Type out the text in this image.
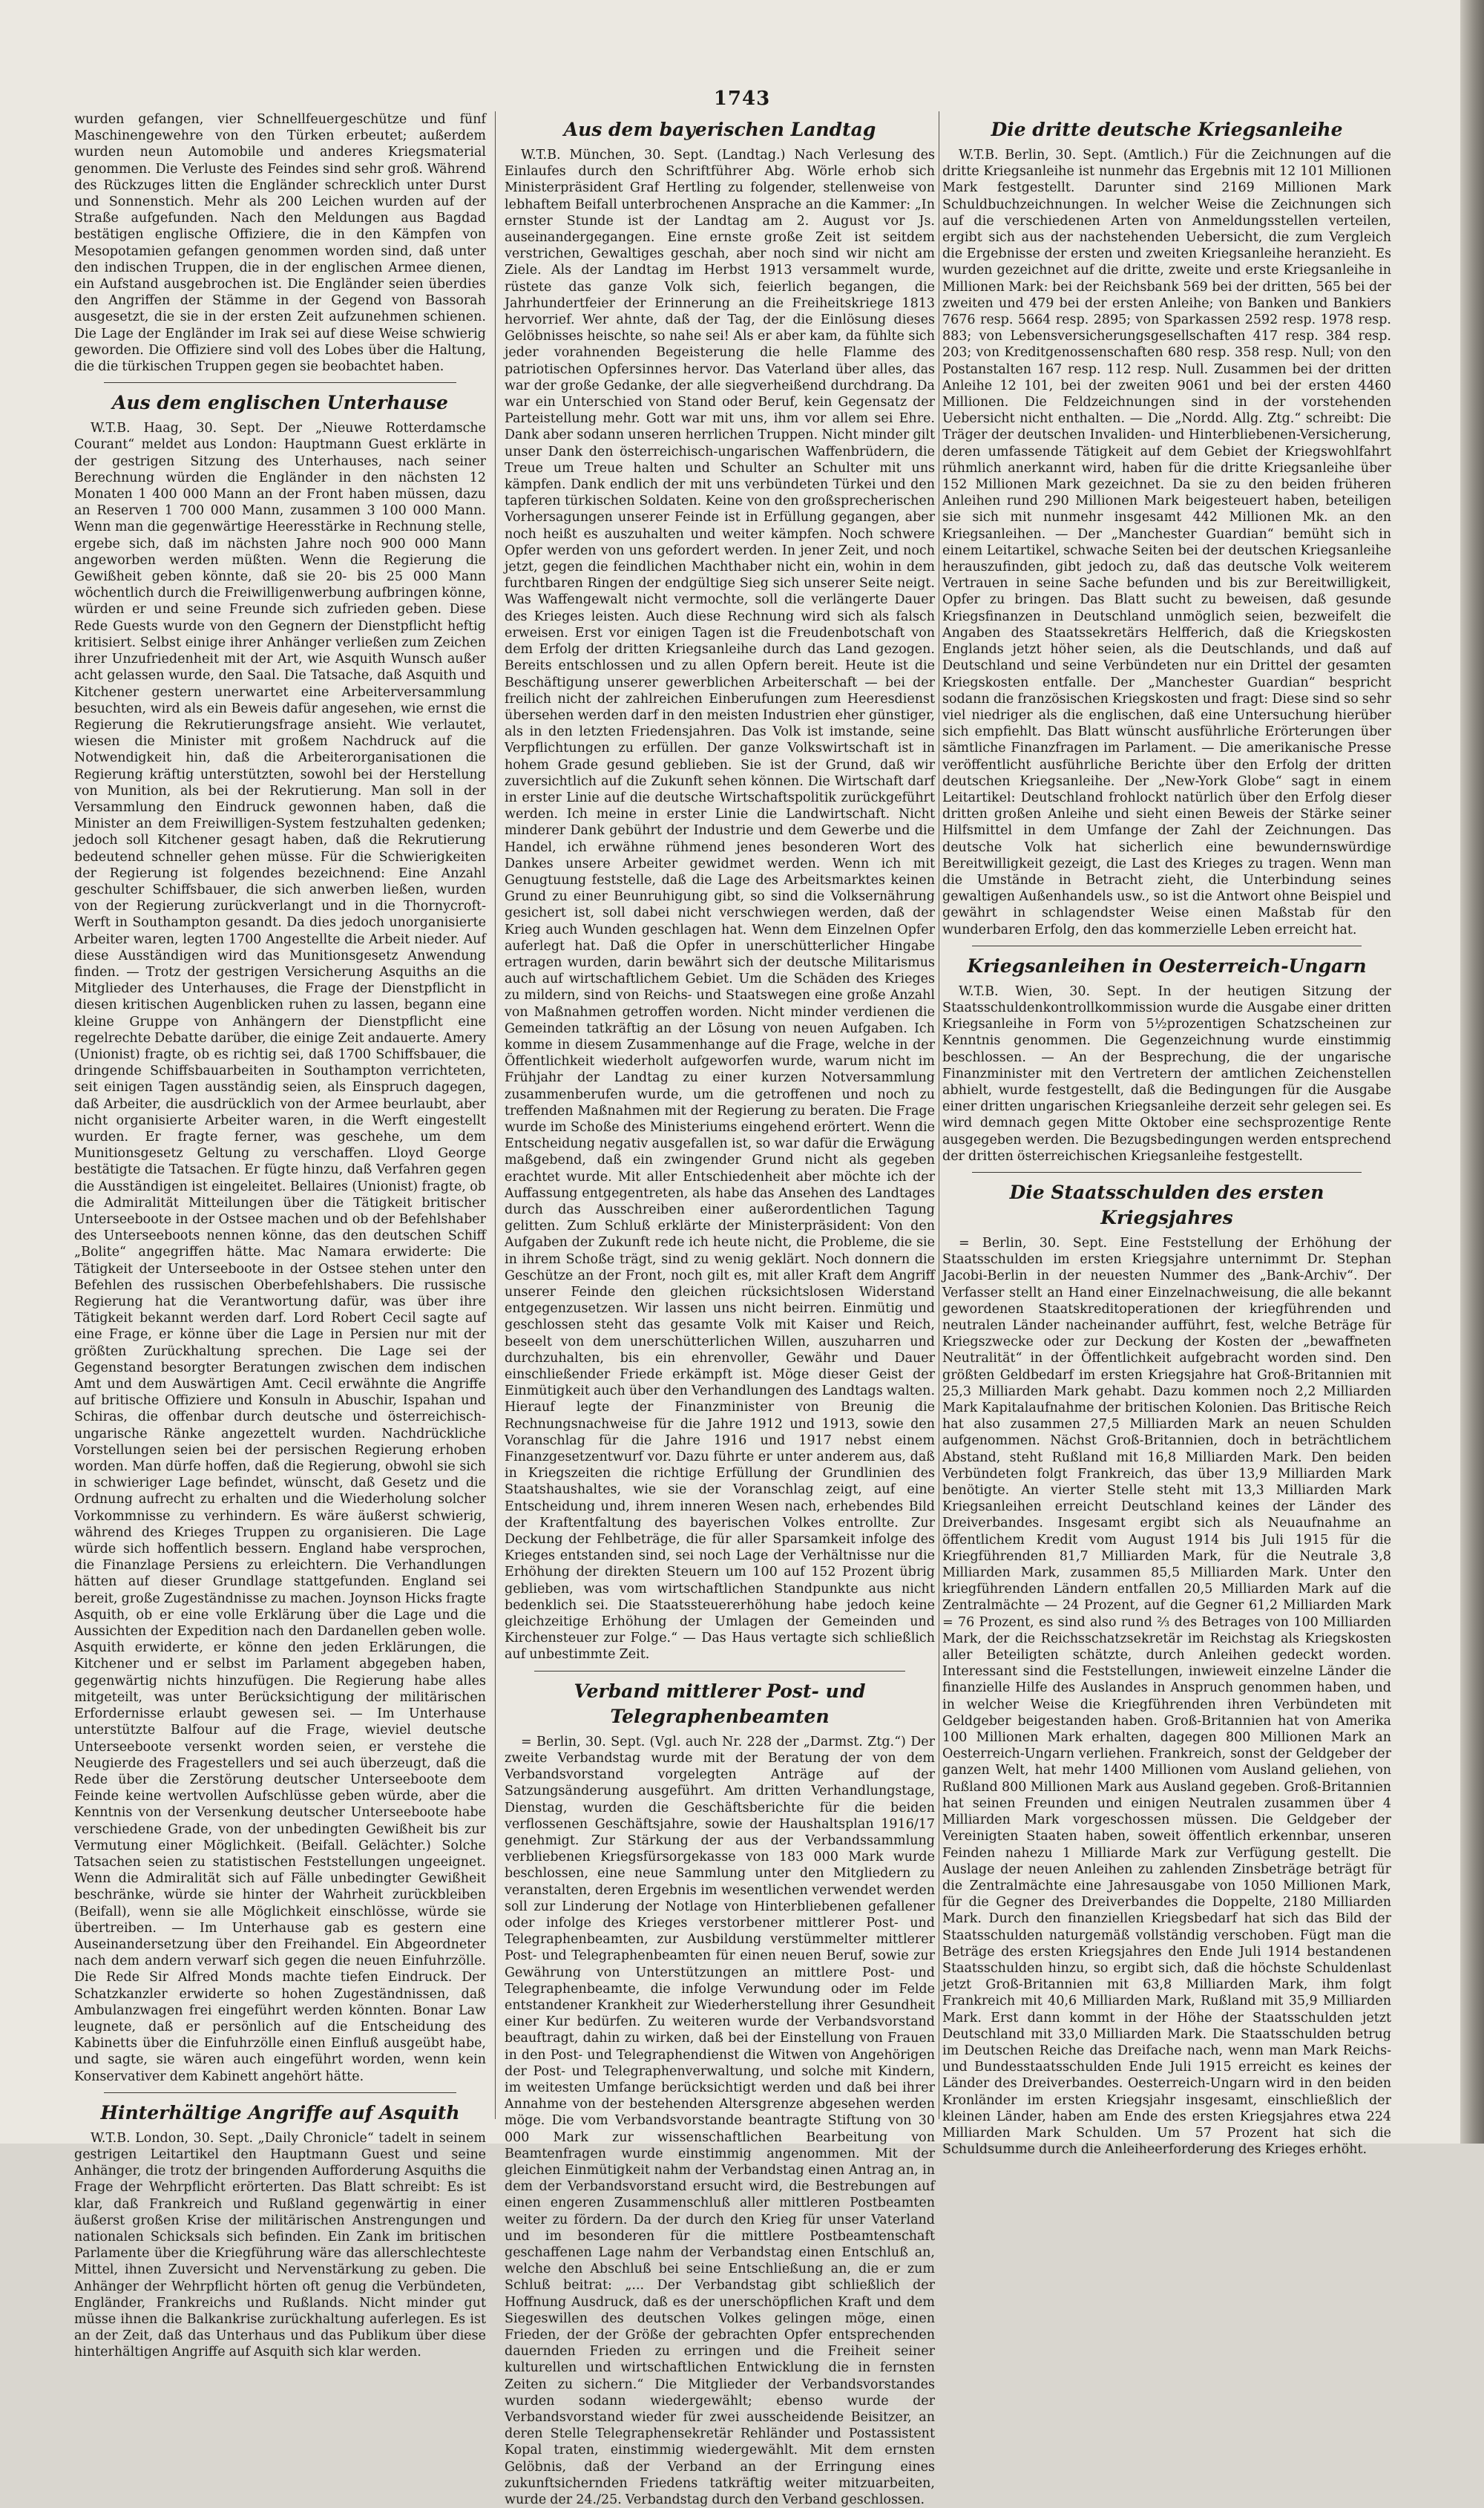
1743

wurden gefangen, vier Schnellfeuergeschütze und fünf Maschinengewehre von den Türken erbeutet; außerdem wurden neun Automobile und anderes Kriegsmaterial genommen. Die Verluste des Feindes sind sehr groß. Während des Rückzuges litten die Engländer schrecklich unter Durst und Sonnenstich. Mehr als 200 Leichen wurden auf der Straße aufgefunden. Nach den Meldungen aus Bagdad bestätigen englische Offiziere, die in den Kämpfen von Mesopotamien gefangen genommen worden sind, daß unter den indischen Truppen, die in der englischen Armee dienen, ein Aufstand ausgebrochen ist. Die Engländer seien überdies den Angriffen der Stämme in der Gegend von Bassorah ausgesetzt, die sie in der ersten Zeit aufzunehmen schienen. Die Lage der Engländer im Irak sei auf diese Weise schwierig geworden. Die Offiziere sind voll des Lobes über die Haltung, die die türkischen Truppen gegen sie beobachtet haben.

Aus dem englischen Unterhause

W.T.B. Haag, 30. Sept. Der „Nieuwe Rotterdamsche Courant“ meldet aus London: Hauptmann Guest erklärte in der gestrigen Sitzung des Unterhauses, nach seiner Berechnung würden die Engländer in den nächsten 12 Monaten 1 400 000 Mann an der Front haben müssen, dazu an Reserven 1 700 000 Mann, zusammen 3 100 000 Mann. Wenn man die gegenwärtige Heeresstärke in Rechnung stelle, ergebe sich, daß im nächsten Jahre noch 900 000 Mann angeworben werden müßten. Wenn die Regierung die Gewißheit geben könnte, daß sie 20- bis 25 000 Mann wöchentlich durch die Freiwilligenwerbung aufbringen könne, würden er und seine Freunde sich zufrieden geben. Diese Rede Guests wurde von den Gegnern der Dienstpflicht heftig kritisiert. Selbst einige ihrer Anhänger verließen zum Zeichen ihrer Unzufriedenheit mit der Art, wie Asquith Wunsch außer acht gelassen wurde, den Saal. Die Tatsache, daß Asquith und Kitchener gestern unerwartet eine Arbeiterversammlung besuchten, wird als ein Beweis dafür angesehen, wie ernst die Regierung die Rekrutierungsfrage ansieht. Wie verlautet, wiesen die Minister mit großem Nachdruck auf die Notwendigkeit hin, daß die Arbeiterorganisationen die Regierung kräftig unterstützten, sowohl bei der Herstellung von Munition, als bei der Rekrutierung. Man soll in der Versammlung den Eindruck gewonnen haben, daß die Minister an dem Freiwilligen-System festzuhalten gedenken; jedoch soll Kitchener gesagt haben, daß die Rekrutierung bedeutend schneller gehen müsse. Für die Schwierigkeiten der Regierung ist folgendes bezeichnend: Eine Anzahl geschulter Schiffsbauer, die sich anwerben ließen, wurden von der Regierung zurückverlangt und in die Thornycroft-Werft in Southampton gesandt. Da dies jedoch unorganisierte Arbeiter waren, legten 1700 Angestellte die Arbeit nieder. Auf diese Ausständigen wird das Munitionsgesetz Anwendung finden. — Trotz der gestrigen Versicherung Asquiths an die Mitglieder des Unterhauses, die Frage der Dienstpflicht in diesen kritischen Augenblicken ruhen zu lassen, begann eine kleine Gruppe von Anhängern der Dienstpflicht eine regelrechte Debatte darüber, die einige Zeit andauerte. Amery (Unionist) fragte, ob es richtig sei, daß 1700 Schiffsbauer, die dringende Schiffsbauarbeiten in Southampton verrichteten, seit einigen Tagen ausständig seien, als Einspruch dagegen, daß Arbeiter, die ausdrücklich von der Armee beurlaubt, aber nicht organisierte Arbeiter waren, in die Werft eingestellt wurden. Er fragte ferner, was geschehe, um dem Munitionsgesetz Geltung zu verschaffen. Lloyd George bestätigte die Tatsachen. Er fügte hinzu, daß Verfahren gegen die Ausständigen ist eingeleitet. Bellaires (Unionist) fragte, ob die Admiralität Mitteilungen über die Tätigkeit britischer Unterseeboote in der Ostsee machen und ob der Befehlshaber des Unterseeboots nennen könne, das den deutschen Schiff „Bolite“ angegriffen hätte. Mac Namara erwiderte: Die Tätigkeit der Unterseeboote in der Ostsee stehen unter den Befehlen des russischen Oberbefehlshabers. Die russische Regierung hat die Verantwortung dafür, was über ihre Tätigkeit bekannt werden darf. Lord Robert Cecil sagte auf eine Frage, er könne über die Lage in Persien nur mit der größten Zurückhaltung sprechen. Die Lage sei der Gegenstand besorgter Beratungen zwischen dem indischen Amt und dem Auswärtigen Amt. Cecil erwähnte die Angriffe auf britische Offiziere und Konsuln in Abuschir, Ispahan und Schiras, die offenbar durch deutsche und österreichisch-ungarische Ränke angezettelt wurden. Nachdrückliche Vorstellungen seien bei der persischen Regierung erhoben worden. Man dürfe hoffen, daß die Regierung, obwohl sie sich in schwieriger Lage befindet, wünscht, daß Gesetz und die Ordnung aufrecht zu erhalten und die Wiederholung solcher Vorkommnisse zu verhindern. Es wäre äußerst schwierig, während des Krieges Truppen zu organisieren. Die Lage würde sich hoffentlich bessern. England habe versprochen, die Finanzlage Persiens zu erleichtern. Die Verhandlungen hätten auf dieser Grundlage stattgefunden. England sei bereit, große Zugeständnisse zu machen. Joynson Hicks fragte Asquith, ob er eine volle Erklärung über die Lage und die Aussichten der Expedition nach den Dardanellen geben wolle. Asquith erwiderte, er könne den jeden Erklärungen, die Kitchener und er selbst im Parlament abgegeben haben, gegenwärtig nichts hinzufügen. Die Regierung habe alles mitgeteilt, was unter Berücksichtigung der militärischen Erfordernisse erlaubt gewesen sei. — Im Unterhause unterstützte Balfour auf die Frage, wieviel deutsche Unterseeboote versenkt worden seien, er verstehe die Neugierde des Fragestellers und sei auch überzeugt, daß die Rede über die Zerstörung deutscher Unterseeboote dem Feinde keine wertvollen Aufschlüsse geben würde, aber die Kenntnis von der Versenkung deutscher Unterseeboote habe verschiedene Grade, von der unbedingten Gewißheit bis zur Vermutung einer Möglichkeit. (Beifall. Gelächter.) Solche Tatsachen seien zu statistischen Feststellungen ungeeignet. Wenn die Admiralität sich auf Fälle unbedingter Gewißheit beschränke, würde sie hinter der Wahrheit zurückbleiben (Beifall), wenn sie alle Möglichkeit einschlösse, würde sie übertreiben. — Im Unterhause gab es gestern eine Auseinandersetzung über den Freihandel. Ein Abgeordneter nach dem andern verwarf sich gegen die neuen Einfuhrzölle. Die Rede Sir Alfred Monds machte tiefen Eindruck. Der Schatzkanzler erwiderte so hohen Zugeständnissen, daß Ambulanzwagen frei eingeführt werden könnten. Bonar Law leugnete, daß er persönlich auf die Entscheidung des Kabinetts über die Einfuhrzölle einen Einfluß ausgeübt habe, und sagte, sie wären auch eingeführt worden, wenn kein Konservativer dem Kabinett angehört hätte.

Hinterhältige Angriffe auf Asquith

W.T.B. London, 30. Sept. „Daily Chronicle“ tadelt in seinem gestrigen Leitartikel den Hauptmann Guest und seine Anhänger, die trotz der bringenden Aufforderung Asquiths die Frage der Wehrpflicht erörterten. Das Blatt schreibt: Es ist klar, daß Frankreich und Rußland gegenwärtig in einer äußerst großen Krise der militärischen Anstrengungen und nationalen Schicksals sich befinden. Ein Zank im britischen Parlamente über die Kriegführung wäre das allerschlechteste Mittel, ihnen Zuversicht und Nervenstärkung zu geben. Die Anhänger der Wehrpflicht hörten oft genug die Verbündeten, Engländer, Frankreichs und Rußlands. Nicht minder gut müsse ihnen die Balkankrise zurückhaltung auferlegen. Es ist an der Zeit, daß das Unterhaus und das Publikum über diese hinterhältigen Angriffe auf Asquith sich klar werden.

Aus dem bayerischen Landtag

W.T.B. München, 30. Sept. (Landtag.) Nach Verlesung des Einlaufes durch den Schriftführer Abg. Wörle erhob sich Ministerpräsident Graf Hertling zu folgender, stellenweise von lebhaftem Beifall unterbrochenen Ansprache an die Kammer: „In ernster Stunde ist der Landtag am 2. August vor Js. auseinandergegangen. Eine ernste große Zeit ist seitdem verstrichen, Gewaltiges geschah, aber noch sind wir nicht am Ziele. Als der Landtag im Herbst 1913 versammelt wurde, rüstete das ganze Volk sich, feierlich begangen, die Jahrhundertfeier der Erinnerung an die Freiheitskriege 1813 hervorrief. Wer ahnte, daß der Tag, der die Einlösung dieses Gelöbnisses heischte, so nahe sei! Als er aber kam, da fühlte sich jeder vorahnenden Begeisterung die helle Flamme des patriotischen Opfersinnes hervor. Das Vaterland über alles, das war der große Gedanke, der alle siegverheißend durchdrang. Da war ein Unterschied von Stand oder Beruf, kein Gegensatz der Parteistellung mehr. Gott war mit uns, ihm vor allem sei Ehre. Dank aber sodann unseren herrlichen Truppen. Nicht minder gilt unser Dank den österreichisch-ungarischen Waffenbrüdern, die Treue um Treue halten und Schulter an Schulter mit uns kämpfen. Dank endlich der mit uns verbündeten Türkei und den tapferen türkischen Soldaten. Keine von den großsprecherischen Vorhersagungen unserer Feinde ist in Erfüllung gegangen, aber noch heißt es auszuhalten und weiter kämpfen. Noch schwere Opfer werden von uns gefordert werden. In jener Zeit, und noch jetzt, gegen die feindlichen Machthaber nicht ein, wohin in dem furchtbaren Ringen der endgültige Sieg sich unserer Seite neigt. Was Waffengewalt nicht vermochte, soll die verlängerte Dauer des Krieges leisten. Auch diese Rechnung wird sich als falsch erweisen. Erst vor einigen Tagen ist die Freudenbotschaft von dem Erfolg der dritten Kriegsanleihe durch das Land gezogen. Bereits entschlossen und zu allen Opfern bereit. Heute ist die Beschäftigung unserer gewerblichen Arbeiterschaft — bei der freilich nicht der zahlreichen Einberufungen zum Heeresdienst übersehen werden darf in den meisten Industrien eher günstiger, als in den letzten Friedensjahren. Das Volk ist imstande, seine Verpflichtungen zu erfüllen. Der ganze Volkswirtschaft ist in hohem Grade gesund geblieben. Sie ist der Grund, daß wir zuversichtlich auf die Zukunft sehen können. Die Wirtschaft darf in erster Linie auf die deutsche Wirtschaftspolitik zurückgeführt werden. Ich meine in erster Linie die Landwirtschaft. Nicht minderer Dank gebührt der Industrie und dem Gewerbe und die Handel, ich erwähne rühmend jenes besonderen Wort des Dankes unsere Arbeiter gewidmet werden. Wenn ich mit Genugtuung feststelle, daß die Lage des Arbeitsmarktes keinen Grund zu einer Beunruhigung gibt, so sind die Volksernährung gesichert ist, soll dabei nicht verschwiegen werden, daß der Krieg auch Wunden geschlagen hat. Wenn dem Einzelnen Opfer auferlegt hat. Daß die Opfer in unerschütterlicher Hingabe ertragen wurden, darin bewährt sich der deutsche Militarismus auch auf wirtschaftlichem Gebiet. Um die Schäden des Krieges zu mildern, sind von Reichs- und Staatswegen eine große Anzahl von Maßnahmen getroffen worden. Nicht minder verdienen die Gemeinden tatkräftig an der Lösung von neuen Aufgaben. Ich komme in diesem Zusammenhange auf die Frage, welche in der Öffentlichkeit wiederholt aufgeworfen wurde, warum nicht im Frühjahr der Landtag zu einer kurzen Notversammlung zusammenberufen wurde, um die getroffenen und noch zu treffenden Maßnahmen mit der Regierung zu beraten. Die Frage wurde im Schoße des Ministeriums eingehend erörtert. Wenn die Entscheidung negativ ausgefallen ist, so war dafür die Erwägung maßgebend, daß ein zwingender Grund nicht als gegeben erachtet wurde. Mit aller Entschiedenheit aber möchte ich der Auffassung entgegentreten, als habe das Ansehen des Landtages durch das Ausschreiben einer außerordentlichen Tagung gelitten. Zum Schluß erklärte der Ministerpräsident: Von den Aufgaben der Zukunft rede ich heute nicht, die Probleme, die sie in ihrem Schoße trägt, sind zu wenig geklärt. Noch donnern die Geschütze an der Front, noch gilt es, mit aller Kraft dem Angriff unserer Feinde den gleichen rücksichtslosen Widerstand entgegenzusetzen. Wir lassen uns nicht beirren. Einmütig und geschlossen steht das gesamte Volk mit Kaiser und Reich, beseelt von dem unerschütterlichen Willen, auszuharren und durchzuhalten, bis ein ehrenvoller, Gewähr und Dauer einschließender Friede erkämpft ist. Möge dieser Geist der Einmütigkeit auch über den Verhandlungen des Landtags walten. Hierauf legte der Finanzminister von Breunig die Rechnungsnachweise für die Jahre 1912 und 1913, sowie den Voranschlag für die Jahre 1916 und 1917 nebst einem Finanzgesetzentwurf vor. Dazu führte er unter anderem aus, daß in Kriegszeiten die richtige Erfüllung der Grundlinien des Staatshaushaltes, wie sie der Voranschlag zeigt, auf eine Entscheidung und, ihrem inneren Wesen nach, erhebendes Bild der Kraftentfaltung des bayerischen Volkes entrollte. Zur Deckung der Fehlbeträge, die für aller Sparsamkeit infolge des Krieges entstanden sind, sei noch Lage der Verhältnisse nur die Erhöhung der direkten Steuern um 100 auf 152 Prozent übrig geblieben, was vom wirtschaftlichen Standpunkte aus nicht bedenklich sei. Die Staatssteuererhöhung habe jedoch keine gleichzeitige Erhöhung der Umlagen der Gemeinden und Kirchensteuer zur Folge.“ — Das Haus vertagte sich schließlich auf unbestimmte Zeit.

Verband mittlerer Post- und Telegraphenbeamten

= Berlin, 30. Sept. (Vgl. auch Nr. 228 der „Darmst. Ztg.“) Der zweite Verbandstag wurde mit der Beratung der von dem Verbandsvorstand vorgelegten Anträge auf der Satzungsänderung ausgeführt. Am dritten Verhandlungstage, Dienstag, wurden die Geschäftsberichte für die beiden verflossenen Geschäftsjahre, sowie der Haushaltsplan 1916/17 genehmigt. Zur Stärkung der aus der Verbandssammlung verbliebenen Kriegsfürsorgekasse von 183 000 Mark wurde beschlossen, eine neue Sammlung unter den Mitgliedern zu veranstalten, deren Ergebnis im wesentlichen verwendet werden soll zur Linderung der Notlage von Hinterbliebenen gefallener oder infolge des Krieges verstorbener mittlerer Post- und Telegraphenbeamten, zur Ausbildung verstümmelter mittlerer Post- und Telegraphenbeamten für einen neuen Beruf, sowie zur Gewährung von Unterstützungen an mittlere Post- und Telegraphenbeamte, die infolge Verwundung oder im Felde entstandener Krankheit zur Wiederherstellung ihrer Gesundheit einer Kur bedürfen. Zu weiteren wurde der Verbandsvorstand beauftragt, dahin zu wirken, daß bei der Einstellung von Frauen in den Post- und Telegraphendienst die Witwen von Angehörigen der Post- und Telegraphenverwaltung, und solche mit Kindern, im weitesten Umfange berücksichtigt werden und daß bei ihrer Annahme von der bestehenden Altersgrenze abgesehen werden möge. Die vom Verbandsvorstande beantragte Stiftung von 30 000 Mark zur wissenschaftlichen Bearbeitung von Beamtenfragen wurde einstimmig angenommen. Mit der gleichen Einmütigkeit nahm der Verbandstag einen Antrag an, in dem der Verbandsvorstand ersucht wird, die Bestrebungen auf einen engeren Zusammenschluß aller mittleren Postbeamten weiter zu fördern. Da der durch den Krieg für unser Vaterland und im besonderen für die mittlere Postbeamtenschaft geschaffenen Lage nahm der Verbandstag einen Entschluß an, welche den Abschluß bei seine Entschließung an, die er zum Schluß beitrat: „... Der Verbandstag gibt schließlich der Hoffnung Ausdruck, daß es der unerschöpflichen Kraft und dem Siegeswillen des deutschen Volkes gelingen möge, einen Frieden, der der Größe der gebrachten Opfer entsprechenden dauernden Frieden zu erringen und die Freiheit seiner kulturellen und wirtschaftlichen Entwicklung die in fernsten Zeiten zu sichern.“ Die Mitglieder der Verbandsvorstandes wurden sodann wiedergewählt; ebenso wurde der Verbandsvorstand wieder für zwei ausscheidende Beisitzer, an deren Stelle Telegraphensekretär Rehländer und Postassistent Kopal traten, einstimmig wiedergewählt. Mit dem ernsten Gelöbnis, daß der Verband an der Erringung eines zukunftsichernden Friedens tatkräftig weiter mitzuarbeiten, wurde der 24./25. Verbandstag durch den Verband geschlossen.

Die dritte deutsche Kriegsanleihe

W.T.B. Berlin, 30. Sept. (Amtlich.) Für die Zeichnungen auf die dritte Kriegsanleihe ist nunmehr das Ergebnis mit 12 101 Millionen Mark festgestellt. Darunter sind 2169 Millionen Mark Schuldbuchzeichnungen. In welcher Weise die Zeichnungen sich auf die verschiedenen Arten von Anmeldungsstellen verteilen, ergibt sich aus der nachstehenden Uebersicht, die zum Vergleich die Ergebnisse der ersten und zweiten Kriegsanleihe heranzieht. Es wurden gezeichnet auf die dritte, zweite und erste Kriegsanleihe in Millionen Mark: bei der Reichsbank 569 bei der dritten, 565 bei der zweiten und 479 bei der ersten Anleihe; von Banken und Bankiers 7676 resp. 5664 resp. 2895; von Sparkassen 2592 resp. 1978 resp. 883; von Lebensversicherungsgesellschaften 417 resp. 384 resp. 203; von Kreditgenossenschaften 680 resp. 358 resp. Null; von den Postanstalten 167 resp. 112 resp. Null. Zusammen bei der dritten Anleihe 12 101, bei der zweiten 9061 und bei der ersten 4460 Millionen. Die Feldzeichnungen sind in der vorstehenden Uebersicht nicht enthalten. — Die „Nordd. Allg. Ztg.“ schreibt: Die Träger der deutschen Invaliden- und Hinterbliebenen-Versicherung, deren umfassende Tätigkeit auf dem Gebiet der Kriegswohlfahrt rühmlich anerkannt wird, haben für die dritte Kriegsanleihe über 152 Millionen Mark gezeichnet. Da sie zu den beiden früheren Anleihen rund 290 Millionen Mark beigesteuert haben, beteiligen sie sich mit nunmehr insgesamt 442 Millionen Mk. an den Kriegsanleihen. — Der „Manchester Guardian“ bemüht sich in einem Leitartikel, schwache Seiten bei der deutschen Kriegsanleihe herauszufinden, gibt jedoch zu, daß das deutsche Volk weiterem Vertrauen in seine Sache befunden und bis zur Bereitwilligkeit, Opfer zu bringen. Das Blatt sucht zu beweisen, daß gesunde Kriegsfinanzen in Deutschland unmöglich seien, bezweifelt die Angaben des Staatssekretärs Helfferich, daß die Kriegskosten Englands jetzt höher seien, als die Deutschlands, und daß auf Deutschland und seine Verbündeten nur ein Drittel der gesamten Kriegskosten entfalle. Der „Manchester Guardian“ bespricht sodann die französischen Kriegskosten und fragt: Diese sind so sehr viel niedriger als die englischen, daß eine Untersuchung hierüber sich empfiehlt. Das Blatt wünscht ausführliche Erörterungen über sämtliche Finanzfragen im Parlament. — Die amerikanische Presse veröffentlicht ausführliche Berichte über den Erfolg der dritten deutschen Kriegsanleihe. Der „New-York Globe“ sagt in einem Leitartikel: Deutschland frohlockt natürlich über den Erfolg dieser dritten großen Anleihe und sieht einen Beweis der Stärke seiner Hilfsmittel in dem Umfange der Zahl der Zeichnungen. Das deutsche Volk hat sicherlich eine bewundernswürdige Bereitwilligkeit gezeigt, die Last des Krieges zu tragen. Wenn man die Umstände in Betracht zieht, die Unterbindung seines gewaltigen Außenhandels usw., so ist die Antwort ohne Beispiel und gewährt in schlagendster Weise einen Maßstab für den wunderbaren Erfolg, den das kommerzielle Leben erreicht hat.

Kriegsanleihen in Oesterreich-Ungarn

W.T.B. Wien, 30. Sept. In der heutigen Sitzung der Staatsschuldenkontrollkommission wurde die Ausgabe einer dritten Kriegsanleihe in Form von 5½prozentigen Schatzscheinen zur Kenntnis genommen. Die Gegenzeichnung wurde einstimmig beschlossen. — An der Besprechung, die der ungarische Finanzminister mit den Vertretern der amtlichen Zeichenstellen abhielt, wurde festgestellt, daß die Bedingungen für die Ausgabe einer dritten ungarischen Kriegsanleihe derzeit sehr gelegen sei. Es wird demnach gegen Mitte Oktober eine sechsprozentige Rente ausgegeben werden. Die Bezugsbedingungen werden entsprechend der dritten österreichischen Kriegsanleihe festgestellt.

Die Staatsschulden des ersten Kriegsjahres

= Berlin, 30. Sept. Eine Feststellung der Erhöhung der Staatsschulden im ersten Kriegsjahre unternimmt Dr. Stephan Jacobi-Berlin in der neuesten Nummer des „Bank-Archiv“. Der Verfasser stellt an Hand einer Einzelnachweisung, die alle bekannt gewordenen Staatskreditoperationen der kriegführenden und neutralen Länder nacheinander aufführt, fest, welche Beträge für Kriegszwecke oder zur Deckung der Kosten der „bewaffneten Neutralität“ in der Öffentlichkeit aufgebracht worden sind. Den größten Geldbedarf im ersten Kriegsjahre hat Groß-Britannien mit 25,3 Milliarden Mark gehabt. Dazu kommen noch 2,2 Milliarden Mark Kapitalaufnahme der britischen Kolonien. Das Britische Reich hat also zusammen 27,5 Milliarden Mark an neuen Schulden aufgenommen. Nächst Groß-Britannien, doch in beträchtlichem Abstand, steht Rußland mit 16,8 Milliarden Mark. Den beiden Verbündeten folgt Frankreich, das über 13,9 Milliarden Mark benötigte. An vierter Stelle steht mit 13,3 Milliarden Mark Kriegsanleihen erreicht Deutschland keines der Länder des Dreiverbandes. Insgesamt ergibt sich als Neuaufnahme an öffentlichem Kredit vom August 1914 bis Juli 1915 für die Kriegführenden 81,7 Milliarden Mark, für die Neutrale 3,8 Milliarden Mark, zusammen 85,5 Milliarden Mark. Unter den kriegführenden Ländern entfallen 20,5 Milliarden Mark auf die Zentralmächte — 24 Prozent, auf die Gegner 61,2 Milliarden Mark = 76 Prozent, es sind also rund ⅔ des Betrages von 100 Milliarden Mark, der die Reichsschatzsekretär im Reichstag als Kriegskosten aller Beteiligten schätzte, durch Anleihen gedeckt worden. Interessant sind die Feststellungen, inwieweit einzelne Länder die finanzielle Hilfe des Auslandes in Anspruch genommen haben, und in welcher Weise die Kriegführenden ihren Verbündeten mit Geldgeber beigestanden haben. Groß-Britannien hat von Amerika 100 Millionen Mark erhalten, dagegen 800 Millionen Mark an Oesterreich-Ungarn verliehen. Frankreich, sonst der Geldgeber der ganzen Welt, hat mehr 1400 Millionen vom Ausland geliehen, von Rußland 800 Millionen Mark aus Ausland gegeben. Groß-Britannien hat seinen Freunden und einigen Neutralen zusammen über 4 Milliarden Mark vorgeschossen müssen. Die Geldgeber der Vereinigten Staaten haben, soweit öffentlich erkennbar, unseren Feinden nahezu 1 Milliarde Mark zur Verfügung gestellt. Die Auslage der neuen Anleihen zu zahlenden Zinsbeträge beträgt für die Zentralmächte eine Jahresausgabe von 1050 Millionen Mark, für die Gegner des Dreiverbandes die Doppelte, 2180 Milliarden Mark. Durch den finanziellen Kriegsbedarf hat sich das Bild der Staatsschulden naturgemäß vollständig verschoben. Fügt man die Beträge des ersten Kriegsjahres den Ende Juli 1914 bestandenen Staatsschulden hinzu, so ergibt sich, daß die höchste Schuldenlast jetzt Groß-Britannien mit 63,8 Milliarden Mark, ihm folgt Frankreich mit 40,6 Milliarden Mark, Rußland mit 35,9 Milliarden Mark. Erst dann kommt in der Höhe der Staatsschulden jetzt Deutschland mit 33,0 Milliarden Mark. Die Staatsschulden betrug im Deutschen Reiche das Dreifache nach, wenn man Mark Reichs- und Bundesstaatsschulden Ende Juli 1915 erreicht es keines der Länder des Dreiverbandes. Oesterreich-Ungarn wird in den beiden Kronländer im ersten Kriegsjahr insgesamt, einschließlich der kleinen Länder, haben am Ende des ersten Kriegsjahres etwa 224 Milliarden Mark Schulden. Um 57 Prozent hat sich die Schuldsumme durch die Anleiheerforderung des Krieges erhöht.
